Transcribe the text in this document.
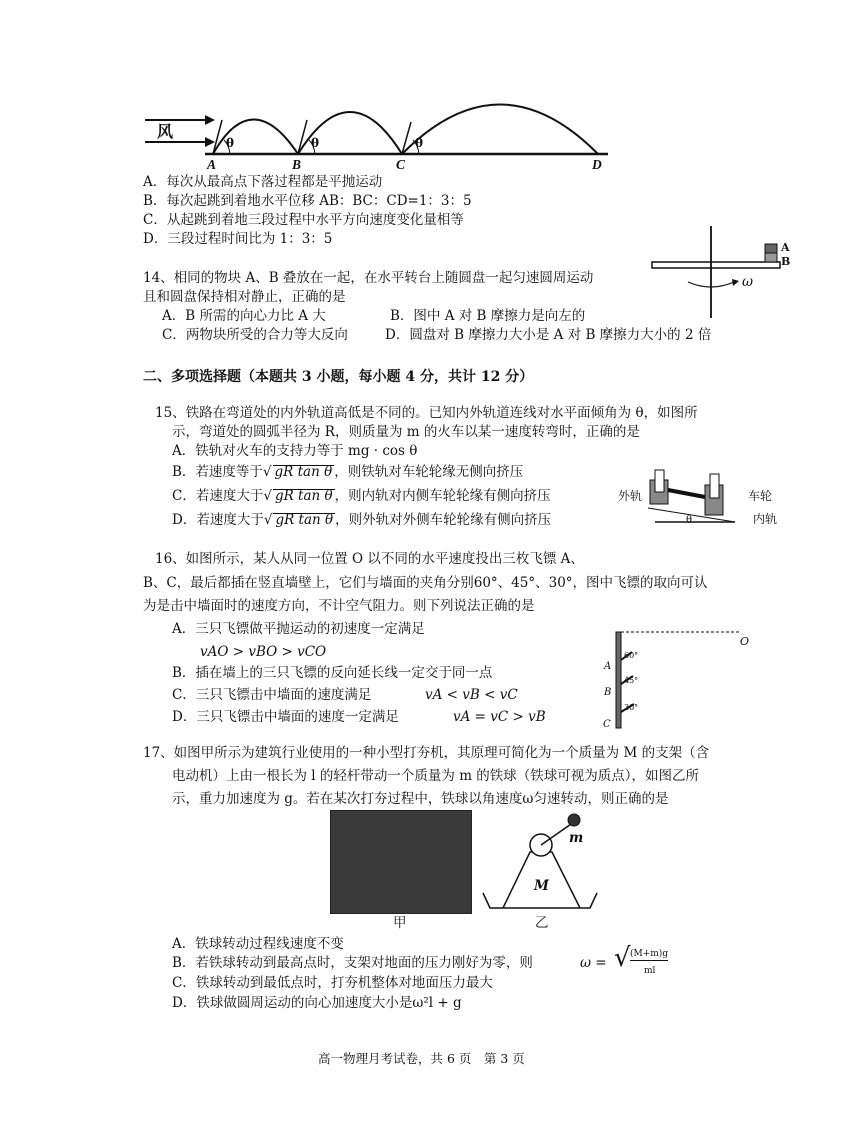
风
A	B	C	D
θ	θ	θ
A．每次从最高点下落过程都是平抛运动
B．每次起跳到着地水平位移 AB：BC：CD=1：3：5
C．从起跳到着地三段过程中水平方向速度变化量相等
D．三段过程时间比为 1：3：5
A
B
ω
14、相同的物块 A、B 叠放在一起，在水平转台上随圆盘一起匀速圆周运动
且和圆盘保持相对静止，正确的是
A．B 所需的向心力比 A 大	B．图中 A 对 B 摩擦力是向左的
C．两物块所受的合力等大反向	D．圆盘对 B 摩擦力大小是 A 对 B 摩擦力大小的 2 倍
二、多项选择题（本题共 3 小题，每小题 4 分，共计 12 分）
15、铁路在弯道处的内外轨道高低是不同的。已知内外轨道连线对水平面倾角为 θ，如图所
示，弯道处的圆弧半径为 R，则质量为 m 的火车以某一速度转弯时，正确的是
A．铁轨对火车的支持力等于 mg · cos θ
B．若速度等于√ gR tan θ ，则铁轨对车轮轮缘无侧向挤压
C．若速度大于√ gR tan θ ，则内轨对内侧车轮轮缘有侧向挤压
D．若速度大于√ gR tan θ ，则外轨对外侧车轮轮缘有侧向挤压
外轨	车轮
内轨
θ
16、如图所示，某人从同一位置 O 以不同的水平速度投出三枚飞镖 A、
B、C，最后都插在竖直墙壁上，它们与墙面的夹角分别60°、45°、30°，图中飞镖的取向可认
为是击中墙面时的速度方向，不计空气阻力。则下列说法正确的是
A．三只飞镖做平抛运动的初速度一定满足
vAO > vBO > vCO
B．插在墙上的三只飞镖的反向延长线一定交于同一点
C．三只飞镖击中墙面的速度满足	vA < vB < vC
D．三只飞镖击中墙面的速度一定满足	vA = vC > vB
O
A
B
C
60°
45°
30°
17、如图甲所示为建筑行业使用的一种小型打夯机，其原理可简化为一个质量为 M 的支架（含
电动机）上由一根长为 l 的轻杆带动一个质量为 m 的铁球（铁球可视为质点），如图乙所
示，重力加速度为 g。若在某次打夯过程中，铁球以角速度ω匀速转动，则正确的是
甲
m
M
乙
A．铁球转动过程线速度不变
B．若铁球转动到最高点时，支架对地面的压力刚好为零，则	ω = √ (M+m)g
ml
C．铁球转动到最低点时，打夯机整体对地面压力最大
D．铁球做圆周运动的向心加速度大小是ω²l + g
高一物理月考试卷，共 6 页　第 3 页
